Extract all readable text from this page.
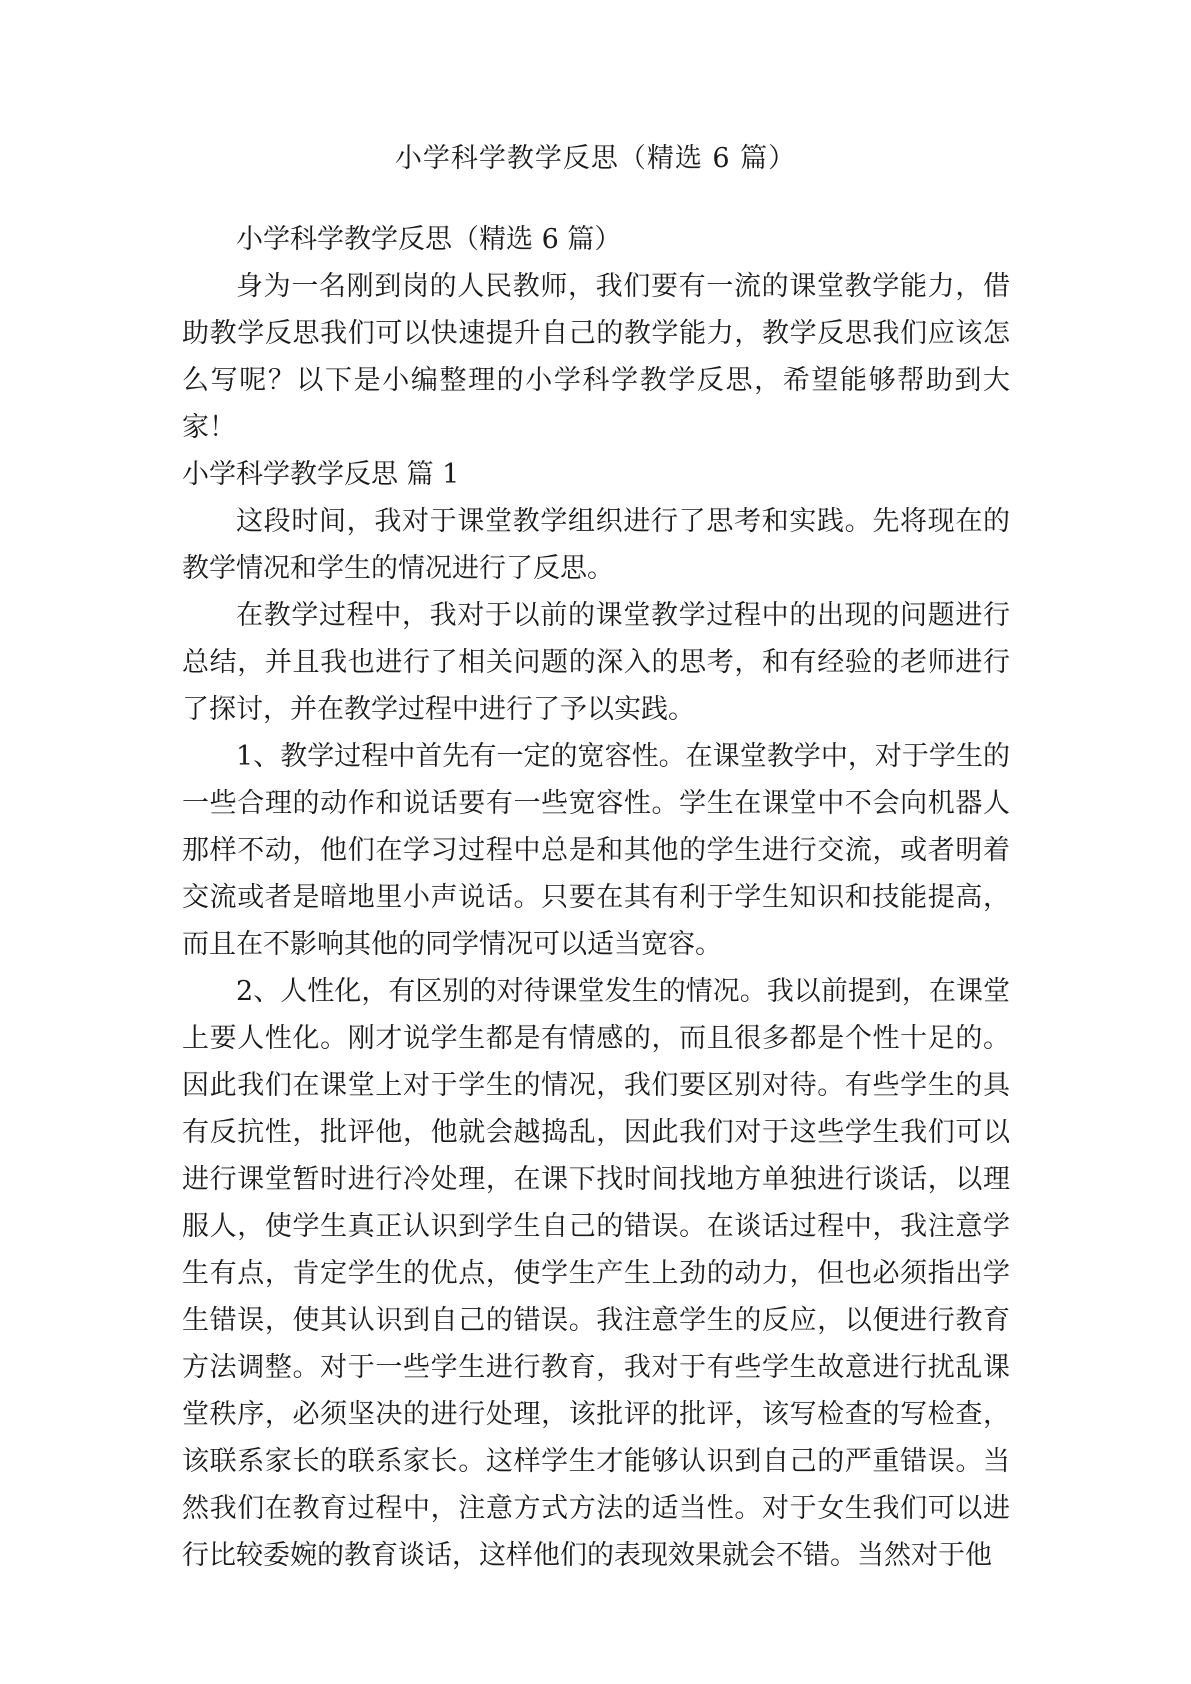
小学科学教学反思（精选 6 篇）

小学科学教学反思（精选 6 篇）

身为一名刚到岗的人民教师，我们要有一流的课堂教学能力，借助教学反思我们可以快速提升自己的教学能力，教学反思我们应该怎么写呢？以下是小编整理的小学科学教学反思，希望能够帮助到大家！

小学科学教学反思 篇 1

这段时间，我对于课堂教学组织进行了思考和实践。先将现在的教学情况和学生的情况进行了反思。

在教学过程中，我对于以前的课堂教学过程中的出现的问题进行总结，并且我也进行了相关问题的深入的思考，和有经验的老师进行了探讨，并在教学过程中进行了予以实践。

1、教学过程中首先有一定的宽容性。在课堂教学中，对于学生的一些合理的动作和说话要有一些宽容性。学生在课堂中不会向机器人那样不动，他们在学习过程中总是和其他的学生进行交流，或者明着交流或者是暗地里小声说话。只要在其有利于学生知识和技能提高，而且在不影响其他的同学情况可以适当宽容。

2、人性化，有区别的对待课堂发生的情况。我以前提到，在课堂上要人性化。刚才说学生都是有情感的，而且很多都是个性十足的。因此我们在课堂上对于学生的情况，我们要区别对待。有些学生的具有反抗性，批评他，他就会越捣乱，因此我们对于这些学生我们可以进行课堂暂时进行冷处理，在课下找时间找地方单独进行谈话，以理服人，使学生真正认识到学生自己的错误。在谈话过程中，我注意学生有点，肯定学生的优点，使学生产生上劲的动力，但也必须指出学生错误，使其认识到自己的错误。我注意学生的反应，以便进行教育方法调整。对于一些学生进行教育，我对于有些学生故意进行扰乱课堂秩序，必须坚决的进行处理，该批评的批评，该写检查的写检查，该联系家长的联系家长。这样学生才能够认识到自己的严重错误。当然我们在教育过程中，注意方式方法的适当性。对于女生我们可以进行比较委婉的教育谈话，这样他们的表现效果就会不错。当然对于他
